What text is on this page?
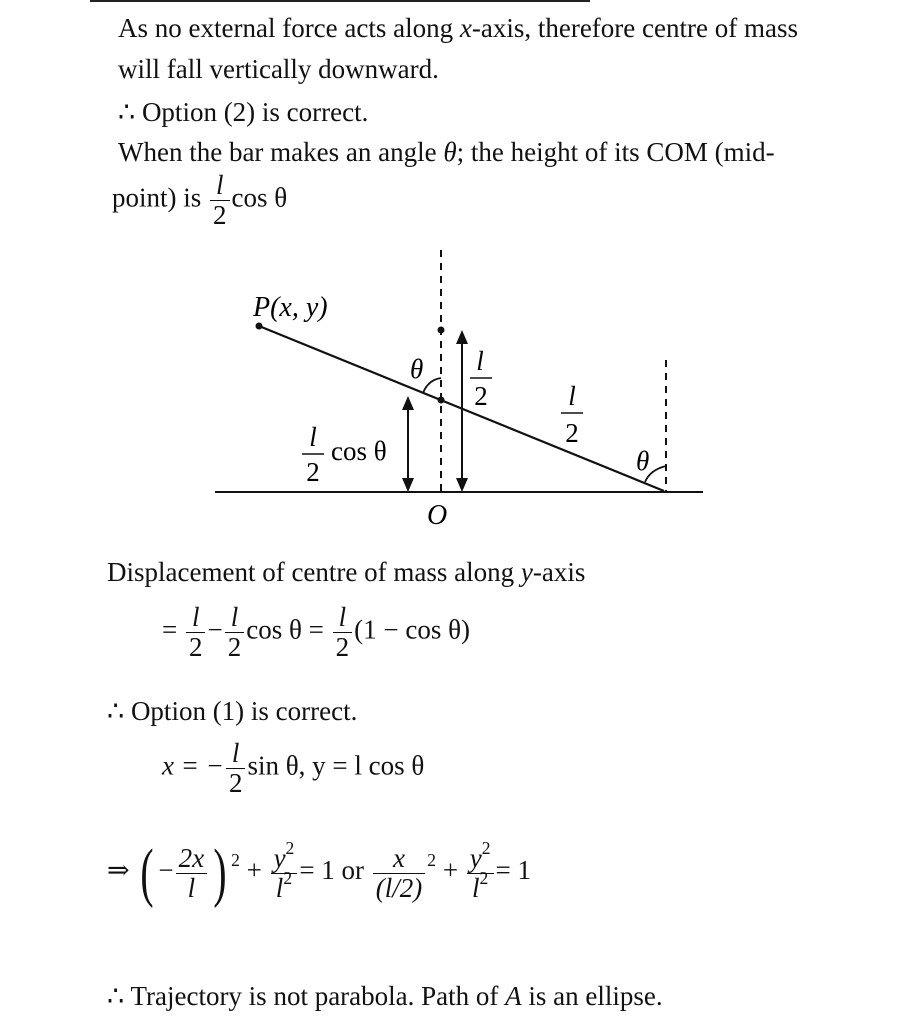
As no external force acts along x-axis, therefore centre of mass
will fall vertically downward.
∴ Option (2) is correct.
When the bar makes an angle θ; the height of its COM (mid-
point) is $\frac{l}{2}$ cos θ
P(x, y)
θ
θ
l
2	l
2
l
2
cos θ
O
Displacement of centre of mass along y-axis
= $\frac{l}{2} - \frac{l}{2}$ $\cos \theta = \frac{l}{2} (1 - \cos \theta)$
∴ Option (1) is correct.
x = − $\frac{l}{2}$ sin θ, y = l cos θ
⇒ ( − $\frac{2x}{l}$ ) $^2 + \frac{y^2}{l^2} = 1$ or $\frac{x}{(l/2)} ^2 + \frac{y^2}{l^2} = 1$
∴ Trajectory is not parabola. Path of A is an ellipse.
